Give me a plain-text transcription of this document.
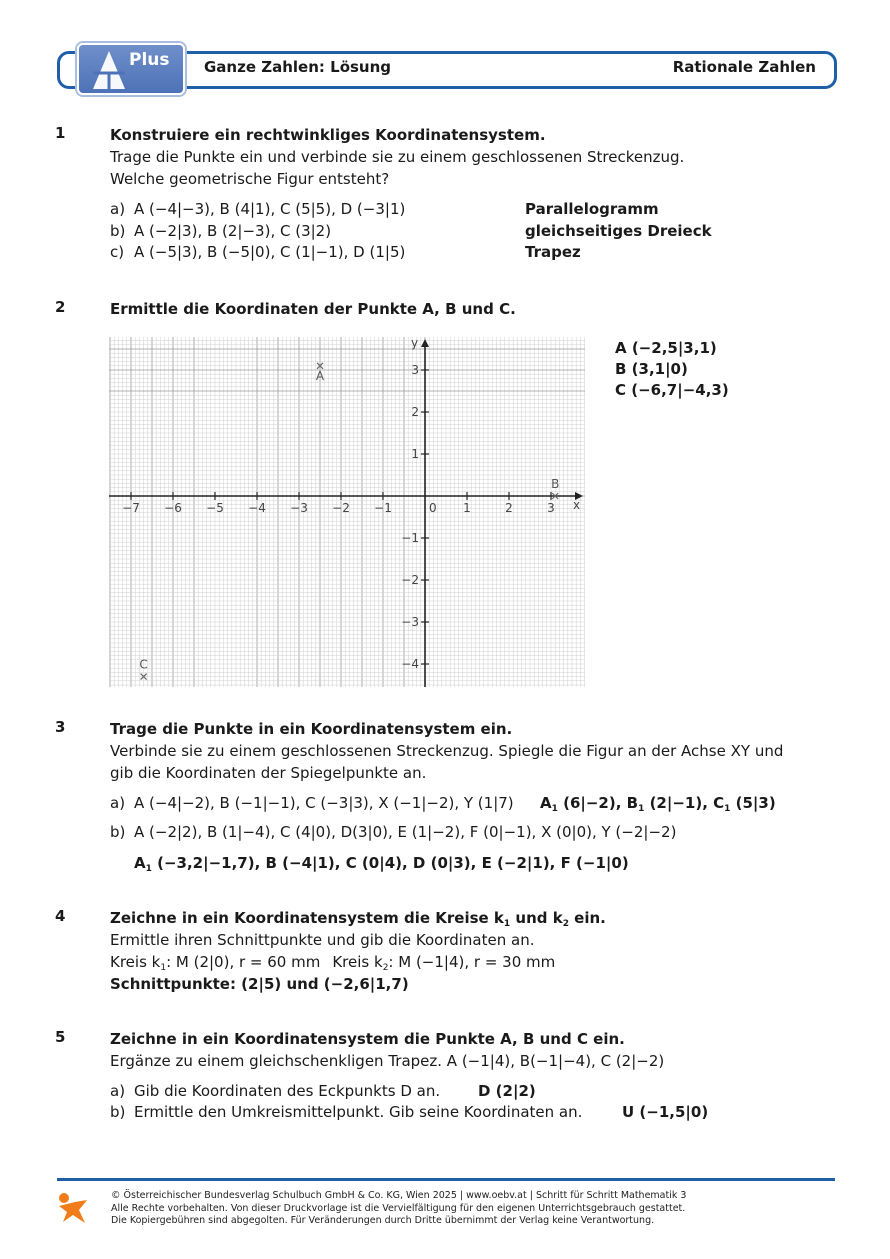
Plus Ganze Zahlen: Lösung	Rationale Zahlen
1	Konstruiere ein rechtwinkliges Koordinatensystem.
Trage die Punkte ein und verbinde sie zu einem geschlossenen Streckenzug.
Welche geometrische Figur entsteht?
a) A (−4|−3), B (4|1), C (5|5), D (−3|1)	Parallelogramm
b) A (−2|3), B (2|−3), C (3|2)	gleichseitiges Dreieck
c) A (−5|3), B (−5|0), C (1|−1), D (1|5)	Trapez
2	Ermittle die Koordinaten der Punkte A, B und C.
A (−2,5|3,1)
B (3,1|0)
C (−6,7|−4,3)
x
y
−7 −6 −5 −4 −3 −2 −1	0 1	2	3
3
2
1
−1
−2
−3
−4
A
B
C
3	Trage die Punkte in ein Koordinatensystem ein.
Verbinde sie zu einem geschlossenen Streckenzug. Spiegle die Figur an der Achse XY und
gib die Koordinaten der Spiegelpunkte an.
a) A (−4|−2), B (−1|−1), C (−3|3), X (−1|−2), Y (1|7) $A_1$ (6|−2), $B_1$ (2|−1), $C_1$ (5|3)
b) A (−2|2), B (1|−4), C (4|0), D(3|0), E (1|−2), F (0|−1), X (0|0), Y (−2|−2)
$A_1$ (−3,2|−1,7), B (−4|1), C (0|4), D (0|3), E (−2|1), F (−1|0)
4	Zeichne in ein Koordinatensystem die Kreise $k_1$ und $k_2$ ein.
Ermittle ihren Schnittpunkte und gib die Koordinaten an.
Kreis $k_1$: M (2|0), r = 60 mm Kreis $k_2$: M (−1|4), r = 30 mm
Schnittpunkte: (2|5) und (−2,6|1,7)
5	Zeichne in ein Koordinatensystem die Punkte A, B und C ein.
Ergänze zu einem gleichschenkligen Trapez. A (−1|4), B(−1|−4), C (2|−2)
a) Gib die Koordinaten des Eckpunkts D an.	D (2|2)
b) Ermittle den Umkreismittelpunkt. Gib seine Koordinaten an.	U (−1,5|0)
© Österreichischer Bundesverlag Schulbuch GmbH & Co. KG, Wien 2025 | www.oebv.at | Schritt für Schritt Mathematik 3
Alle Rechte vorbehalten. Von dieser Druckvorlage ist die Vervielfältigung für den eigenen Unterrichtsgebrauch gestattet.
Die Kopiergebühren sind abgegolten. Für Veränderungen durch Dritte übernimmt der Verlag keine Verantwortung.
